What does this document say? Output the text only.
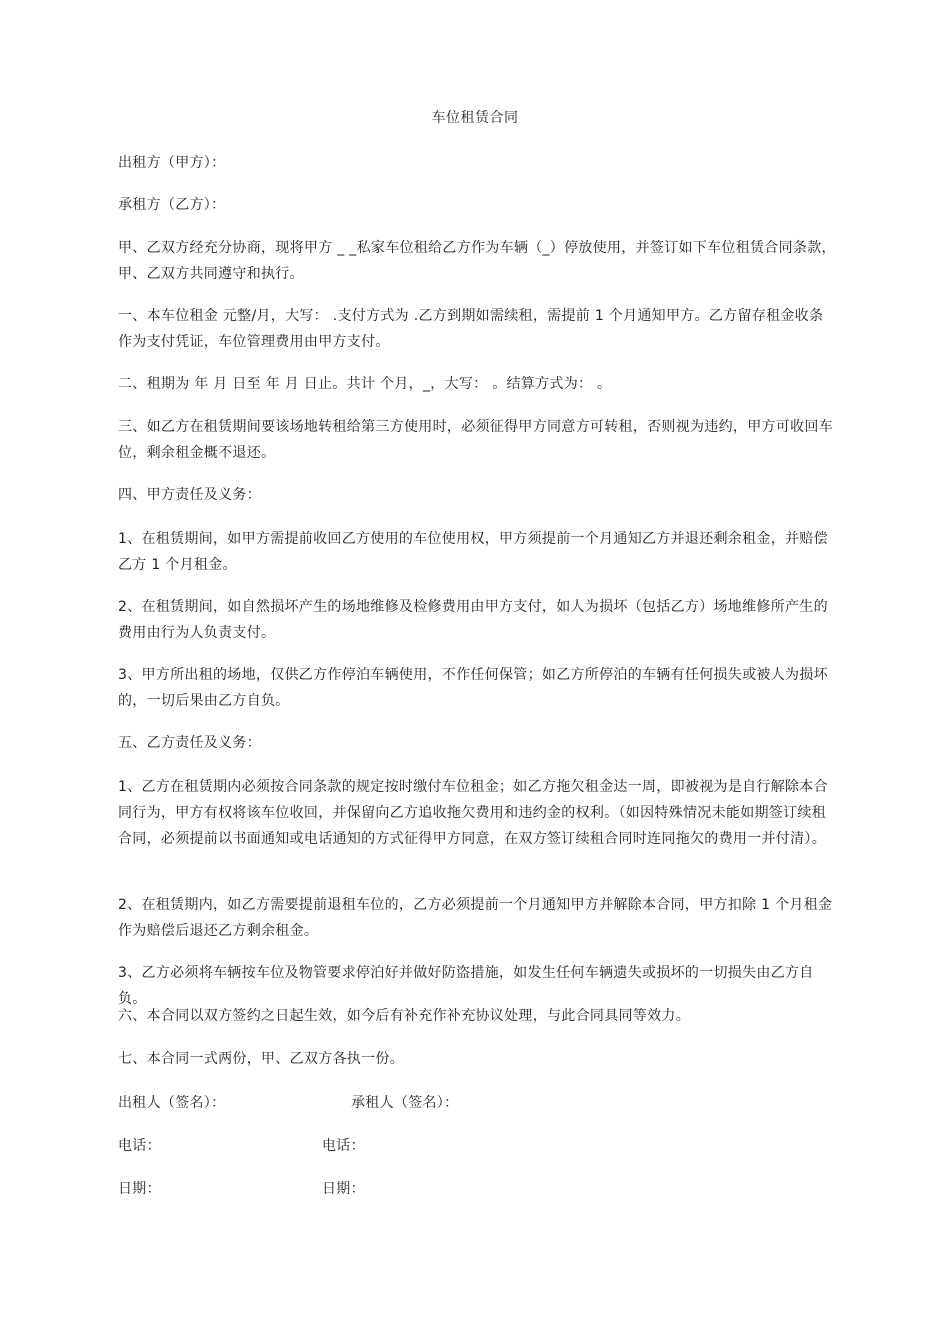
车位租赁合同
出租方（甲方）：
承租方（乙方）：
甲、乙双方经充分协商，现将甲方 _ _私家车位租给乙方作为车辆（_）停放使用，并签订如下车位租赁合同条款，甲、乙双方共同遵守和执行。
一、本车位租金 元整/月，大写： .支付方式为 .乙方到期如需续租，需提前 1 个月通知甲方。乙方留存租金收条作为支付凭证，车位管理费用由甲方支付。
二、租期为 年 月 日至 年 月 日止。共计 个月，_，大写： 。结算方式为： 。
三、如乙方在租赁期间要该场地转租给第三方使用时，必须征得甲方同意方可转租，否则视为违约，甲方可收回车位，剩余租金概不退还。
四、甲方责任及义务：
1、在租赁期间，如甲方需提前收回乙方使用的车位使用权，甲方须提前一个月通知乙方并退还剩余租金，并赔偿乙方 1 个月租金。
2、在租赁期间，如自然损坏产生的场地维修及检修费用由甲方支付，如人为损坏（包括乙方）场地维修所产生的费用由行为人负责支付。
3、甲方所出租的场地，仅供乙方作停泊车辆使用，不作任何保管；如乙方所停泊的车辆有任何损失或被人为损坏的，一切后果由乙方自负。
五、乙方责任及义务：
1、乙方在租赁期内必须按合同条款的规定按时缴付车位租金；如乙方拖欠租金达一周，即被视为是自行解除本合同行为，甲方有权将该车位收回，并保留向乙方追收拖欠费用和违约金的权利。（如因特殊情况未能如期签订续租合同，必须提前以书面通知或电话通知的方式征得甲方同意，在双方签订续租合同时连同拖欠的费用一并付清）。
2、在租赁期内，如乙方需要提前退租车位的，乙方必须提前一个月通知甲方并解除本合同，甲方扣除 1 个月租金作为赔偿后退还乙方剩余租金。
3、乙方必须将车辆按车位及物管要求停泊好并做好防盗措施，如发生任何车辆遗失或损坏的一切损失由乙方自负。
六、本合同以双方签约之日起生效，如今后有补充作补充协议处理，与此合同具同等效力。
七、本合同一式两份，甲、乙双方各执一份。
出租人（签名）：	承租人（签名）：
电话：	电话：
日期：	日期：
